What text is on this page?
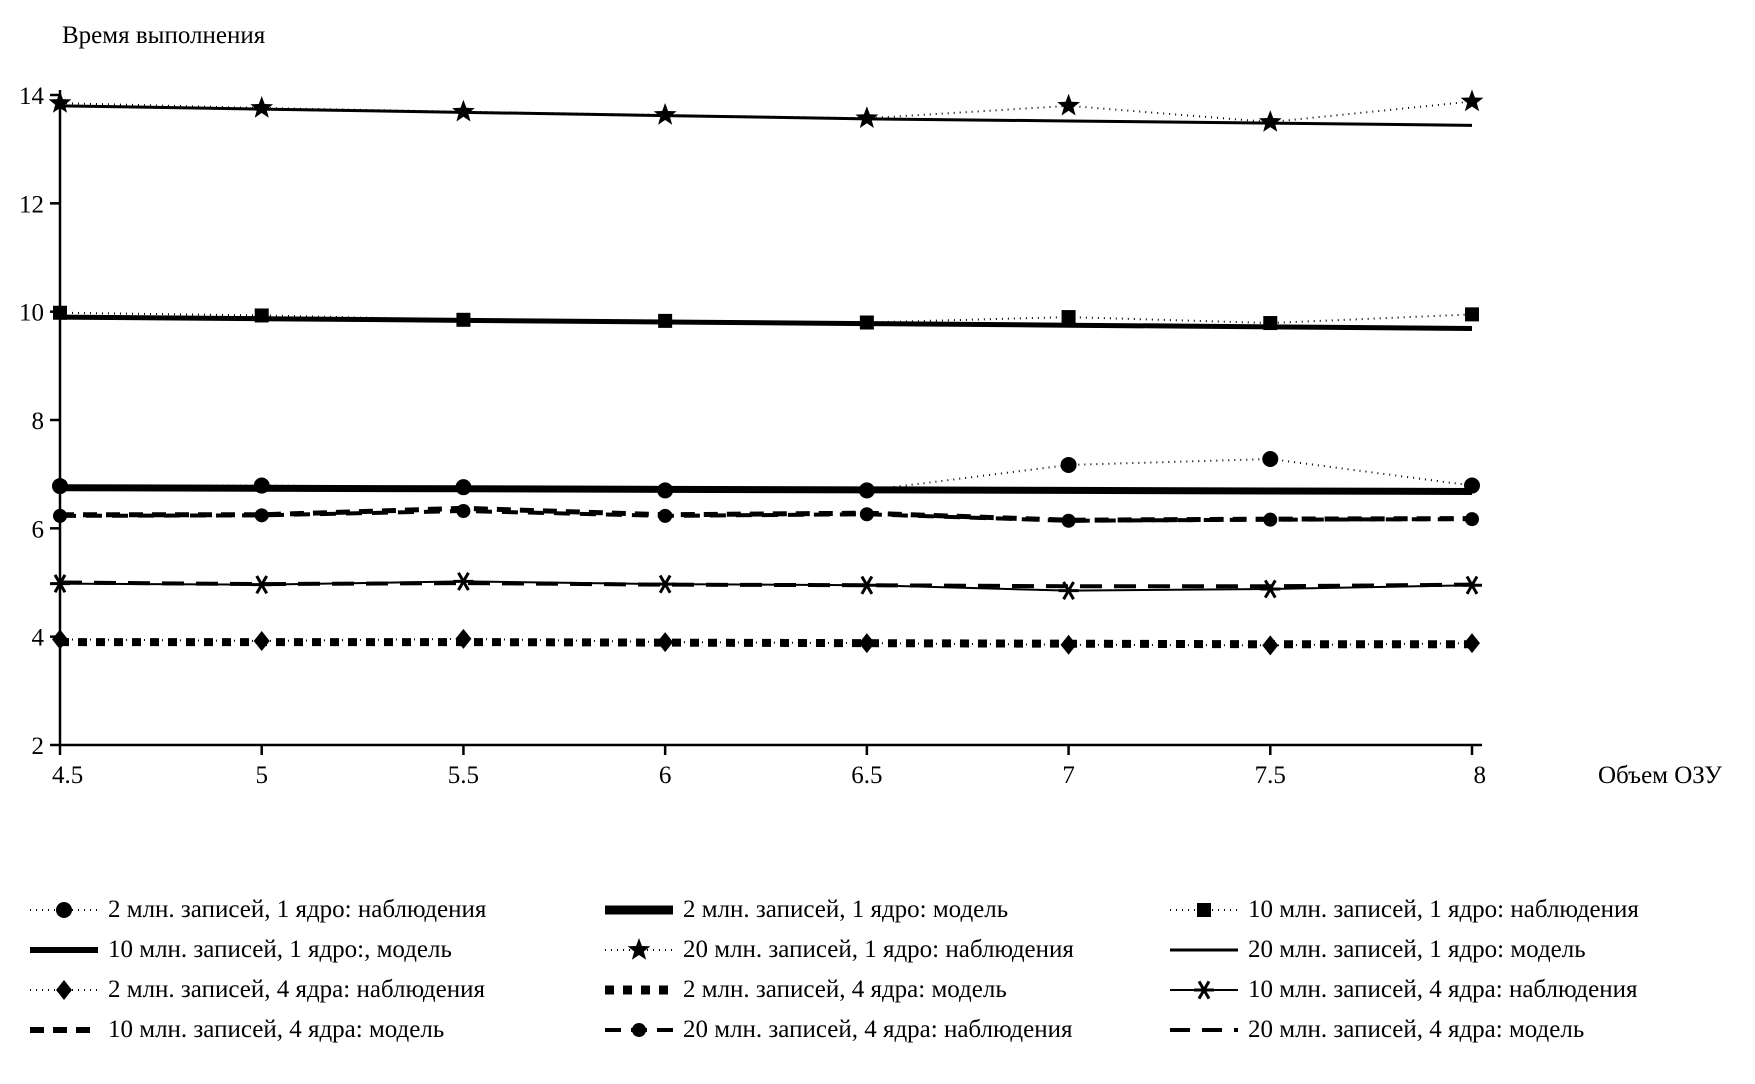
2
4
6
8
10
12
14
4.5	5	5.5	6	6.5	7	7.5	8
Время выполнения
Объем ОЗУ
2 млн. записей, 1 ядро: наблюдения	2 млн. записей, 1 ядро: модель	10 млн. записей, 1 ядро: наблюдения
10 млн. записей, 1 ядро:, модель	20 млн. записей, 1 ядро: наблюдения	20 млн. записей, 1 ядро: модель
2 млн. записей, 4 ядра: наблюдения	2 млн. записей, 4 ядра: модель	10 млн. записей, 4 ядра: наблюдения
10 млн. записей, 4 ядра: модель	20 млн. записей, 4 ядра: наблюдения	20 млн. записей, 4 ядра: модель
